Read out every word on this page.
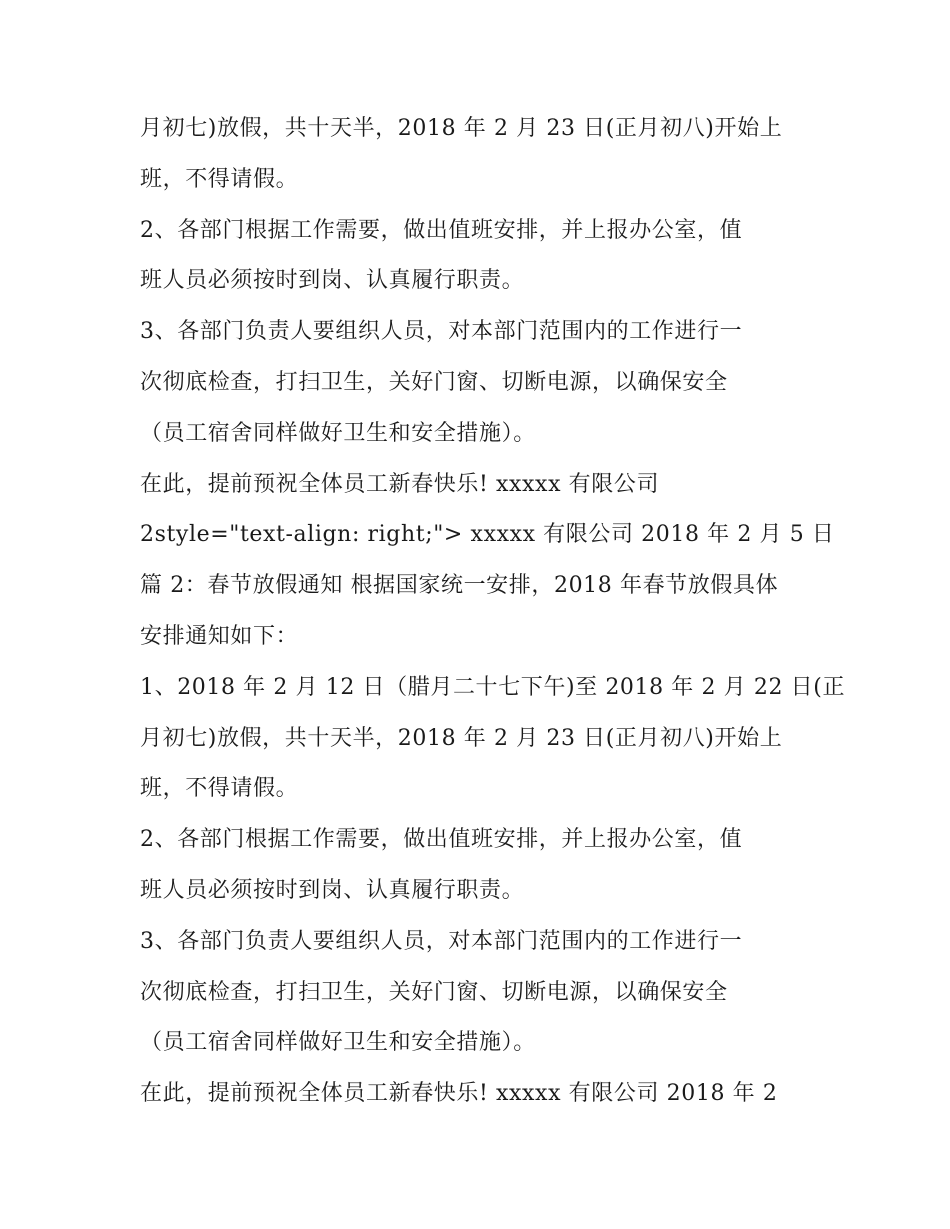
月初七)放假，共十天半，2018 年 2 月 23 日(正月初八)开始上
班，不得请假。
2、各部门根据工作需要，做出值班安排，并上报办公室，值
班人员必须按时到岗、认真履行职责。
3、各部门负责人要组织人员，对本部门范围内的工作进行一
次彻底检查，打扫卫生，关好门窗、切断电源，以确保安全
（员工宿舍同样做好卫生和安全措施）。
在此，提前预祝全体员工新春快乐! xxxxx 有限公司
2style="text-align: right;"> xxxxx 有限公司 2018 年 2 月 5 日
篇 2：春节放假通知 根据国家统一安排，2018 年春节放假具体
安排通知如下：
1、2018 年 2 月 12 日（腊月二十七下午)至 2018 年 2 月 22 日(正
月初七)放假，共十天半，2018 年 2 月 23 日(正月初八)开始上
班，不得请假。
2、各部门根据工作需要，做出值班安排，并上报办公室，值
班人员必须按时到岗、认真履行职责。
3、各部门负责人要组织人员，对本部门范围内的工作进行一
次彻底检查，打扫卫生，关好门窗、切断电源，以确保安全
（员工宿舍同样做好卫生和安全措施）。
在此，提前预祝全体员工新春快乐! xxxxx 有限公司 2018 年 2
